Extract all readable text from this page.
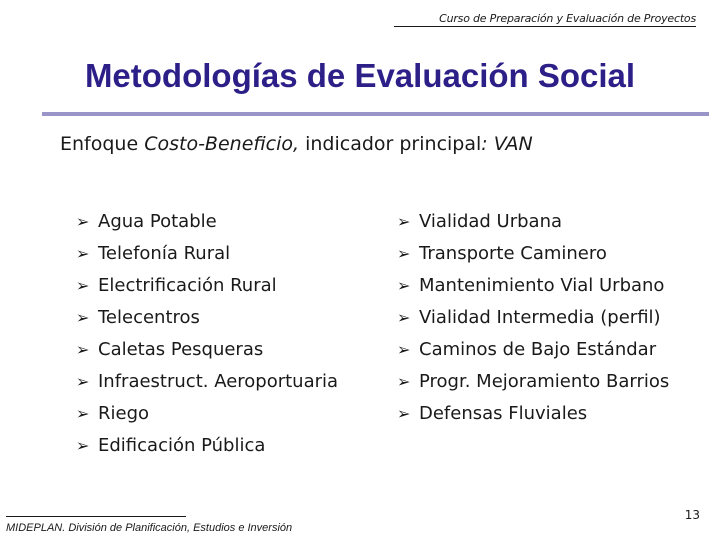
Curso de Preparación y Evaluación de Proyectos
Metodologías de Evaluación Social
Enfoque Costo-Beneficio, indicador principal: VAN
➢ Agua Potable
➢ Telefonía Rural
➢ Electrificación Rural
➢ Telecentros
➢ Caletas Pesqueras
➢ Infraestruct. Aeroportuaria
➢ Riego
➢ Edificación Pública
➢ Vialidad Urbana
➢ Transporte Caminero
➢ Mantenimiento Vial Urbano
➢ Vialidad Intermedia (perfil)
➢ Caminos de Bajo Estándar
➢ Progr. Mejoramiento Barrios
➢ Defensas Fluviales
MIDEPLAN. División de Planificación, Estudios e Inversión
13
